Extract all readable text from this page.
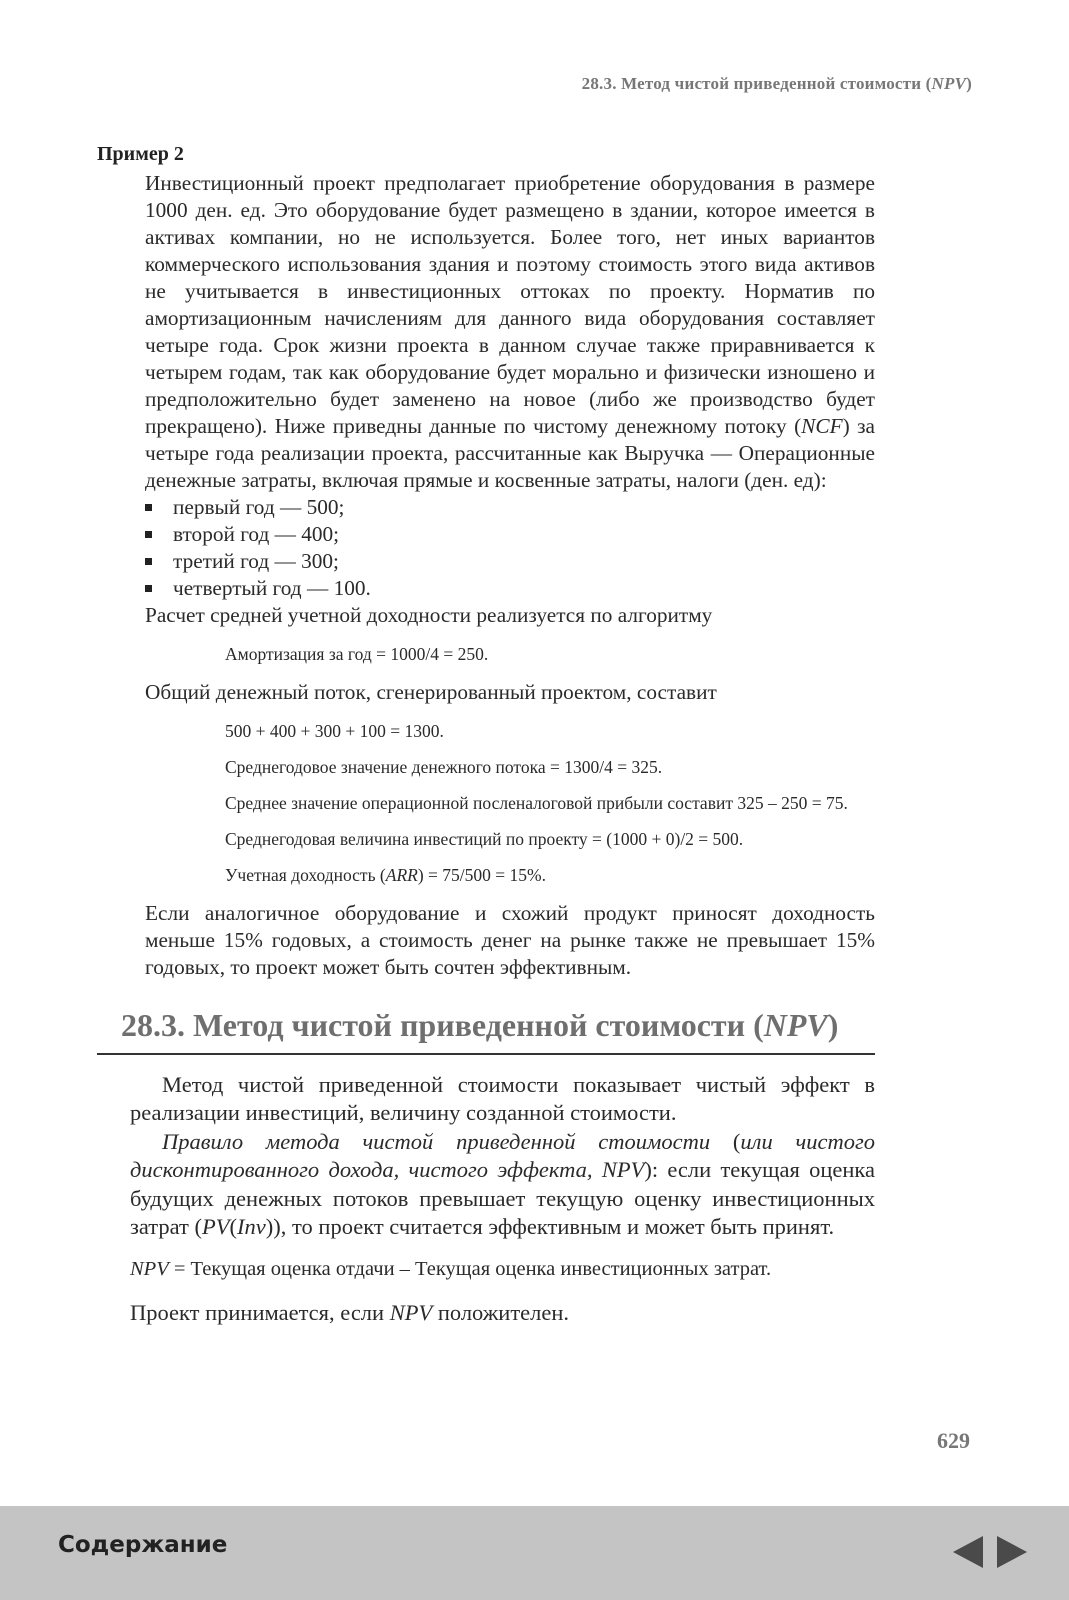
28.3. Метод чистой приведенной стоимости (NPV)

Пример 2

Инвестиционный проект предполагает приобретение оборудования в размере 1000 ден. ед. Это оборудование будет размещено в здании, которое имеется в активах компании, но не используется. Более того, нет иных вариантов коммерческого использования здания и поэтому стоимость этого вида активов не учитывается в инвестиционных оттоках по проекту. Норматив по амортизационным начислениям для данного вида оборудования составляет четыре года. Срок жизни проекта в данном случае также приравнивается к четырем годам, так как оборудование будет морально и физически изношено и предположительно будет заменено на новое (либо же производство будет прекращено). Ниже приведны данные по чистому денежному потоку (NCF) за четыре года реализации проекта, рассчитанные как Выручка — Операционные денежные затраты, включая прямые и косвенные затраты, налоги (ден. ед):

первый год — 500;
второй год — 400;
третий год — 300;
четвертый год — 100.

Расчет средней учетной доходности реализуется по алгоритму

Амортизация за год = 1000/4 = 250.

Общий денежный поток, сгенерированный проектом, составит

500 + 400 + 300 + 100 = 1300.

Среднегодовое значение денежного потока = 1300/4 = 325.

Среднее значение операционной посленалоговой прибыли составит 325 – 250 = 75.

Среднегодовая величина инвестиций по проекту = (1000 + 0)/2 = 500.

Учетная доходность (ARR) = 75/500 = 15%.

Если аналогичное оборудование и схожий продукт приносят доходность меньше 15% годовых, а стоимость денег на рынке также не превышает 15% годовых, то проект может быть сочтен эффективным.

28.3. Метод чистой приведенной стоимости (NPV)

Метод чистой приведенной стоимости показывает чистый эффект в реализации инвестиций, величину созданной стоимости.

Правило метода чистой приведенной стоимости (или чистого дисконтированного дохода, чистого эффекта, NPV): если текущая оценка будущих денежных потоков превышает текущую оценку инвестиционных затрат (PV(Inv)), то проект считается эффективным и может быть принят.

NPV = Текущая оценка отдачи – Текущая оценка инвестиционных затрат.

Проект принимается, если NPV положителен.

629
Содержание
